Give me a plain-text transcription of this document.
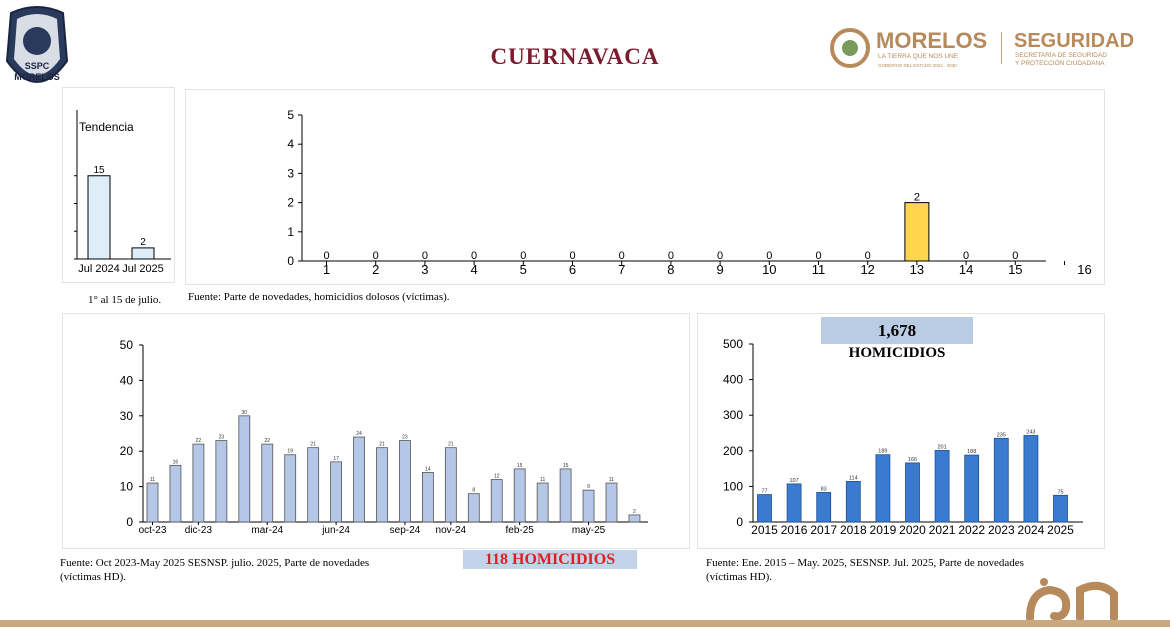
SSPC
MORELOS
CUERNAVACA
MORELOS
LA TIERRA QUE NOS UNE
GOBIERNO DEL ESTADO 2024 · 2030
SEGURIDAD
SECRETARÍA DE SEGURIDAD
Y PROTECCIÓN CIUDADANA
Tendencia
15
Jul 2024
2
Jul 2025
1° al 15 de julio.
0
1
2
3
4
5
1
0
2
0
3
0
4
0
5
0
6
0
7
0
8
0
9
0
10
0
11
0
12
0
13
2
14
0
15
0
16
Fuente: Parte de novedades, homicidios dolosos (víctimas).
0
10
20
30
40
50
11
oct-23
16
22
dic-23
23
30
22
mar-24
19
21
17
jun-24
24
21
23
sep-24
14
21
nov-24
8
12
15
feb-25
11
15
9
may-25
11
2
Fuente: Oct 2023-May 2025 SESNSP. julio. 2025, Parte de novedades
(víctimas HD).
118 HOMICIDIOS
0
100
200
300
400
500
77
2015
107
2016
83
2017
114
2018
189
2019
166
2020
201
2021
188
2022
235
2023
243
2024
75
2025
1,678
HOMICIDIOS
Fuente: Ene. 2015 – May. 2025, SESNSP. Jul. 2025, Parte de novedades
(víctimas HD).
